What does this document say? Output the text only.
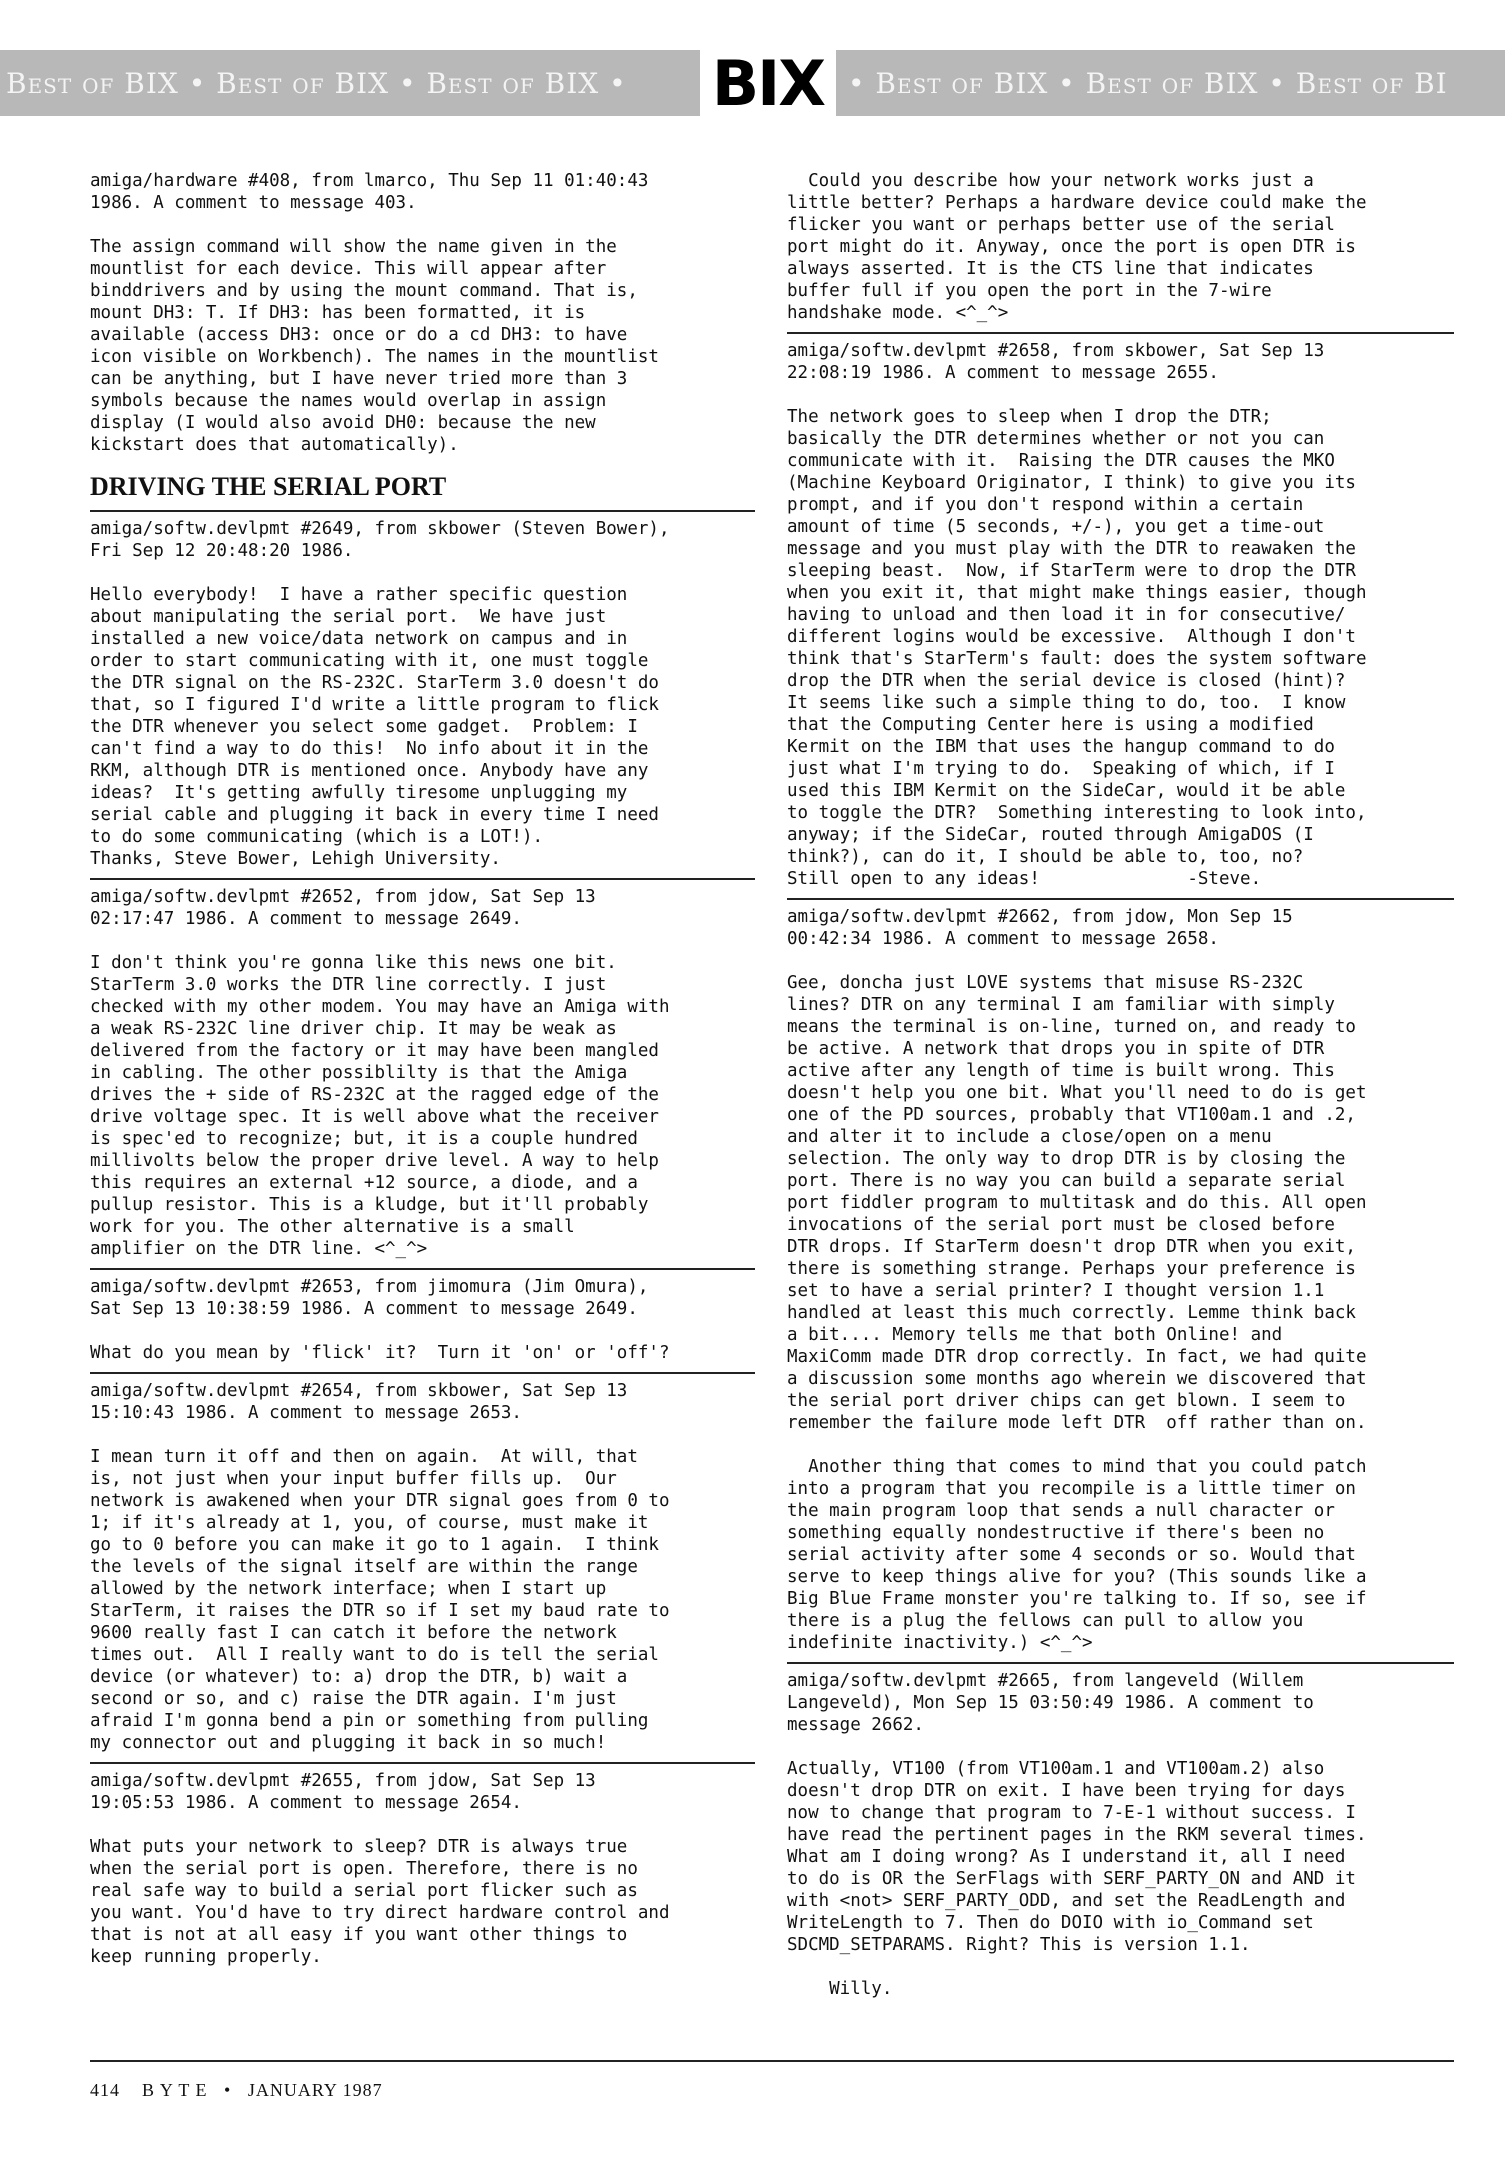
Best of BIX • Best of BIX • Best of BIX • BIX • Best of BIX • Best of BIX • Best of BI
amiga/hardware #408, from lmarco, Thu Sep 11 01:40:43
1986. A comment to message 403.
The assign command will show the name given in the
mountlist for each device. This will appear after
binddrivers and by using the mount command. That is,
mount DH3: T. If DH3: has been formatted, it is
available (access DH3: once or do a cd DH3: to have
icon visible on Workbench). The names in the mountlist
can be anything, but I have never tried more than 3
symbols because the names would overlap in assign
display (I would also avoid DH0: because the new
kickstart does that automatically).
DRIVING THE SERIAL PORT
amiga/softw.devlpmt #2649, from skbower (Steven Bower),
Fri Sep 12 20:48:20 1986.
Hello everybody!  I have a rather specific question
about manipulating the serial port.  We have just
installed a new voice/data network on campus and in
order to start communicating with it, one must toggle
the DTR signal on the RS-232C. StarTerm 3.0 doesn't do
that, so I figured I'd write a little program to flick
the DTR whenever you select some gadget.  Problem: I
can't find a way to do this!  No info about it in the
RKM, although DTR is mentioned once. Anybody have any
ideas?  It's getting awfully tiresome unplugging my
serial cable and plugging it back in every time I need
to do some communicating (which is a LOT!).
Thanks, Steve Bower, Lehigh University.
amiga/softw.devlpmt #2652, from jdow, Sat Sep 13
02:17:47 1986. A comment to message 2649.
I don't think you're gonna like this news one bit.
StarTerm 3.0 works the DTR line correctly. I just
checked with my other modem. You may have an Amiga with
a weak RS-232C line driver chip. It may be weak as
delivered from the factory or it may have been mangled
in cabling. The other possiblilty is that the Amiga
drives the + side of RS-232C at the ragged edge of the
drive voltage spec. It is well above what the receiver
is spec'ed to recognize; but, it is a couple hundred
millivolts below the proper drive level. A way to help
this requires an external +12 source, a diode, and a
pullup resistor. This is a kludge, but it'll probably
work for you. The other alternative is a small
amplifier on the DTR line. <^_^>
amiga/softw.devlpmt #2653, from jimomura (Jim Omura),
Sat Sep 13 10:38:59 1986. A comment to message 2649.
What do you mean by 'flick' it?  Turn it 'on' or 'off'?
amiga/softw.devlpmt #2654, from skbower, Sat Sep 13
15:10:43 1986. A comment to message 2653.
I mean turn it off and then on again.  At will, that
is, not just when your input buffer fills up.  Our
network is awakened when your DTR signal goes from 0 to
1; if it's already at 1, you, of course, must make it
go to 0 before you can make it go to 1 again.  I think
the levels of the signal itself are within the range
allowed by the network interface; when I start up
StarTerm, it raises the DTR so if I set my baud rate to
9600 really fast I can catch it before the network
times out.  All I really want to do is tell the serial
device (or whatever) to: a) drop the DTR, b) wait a
second or so, and c) raise the DTR again. I'm just
afraid I'm gonna bend a pin or something from pulling
my connector out and plugging it back in so much!
amiga/softw.devlpmt #2655, from jdow, Sat Sep 13
19:05:53 1986. A comment to message 2654.
What puts your network to sleep? DTR is always true
when the serial port is open. Therefore, there is no
real safe way to build a serial port flicker such as
you want. You'd have to try direct hardware control and
that is not at all easy if you want other things to
keep running properly.
Could you describe how your network works just a
little better? Perhaps a hardware device could make the
flicker you want or perhaps better use of the serial
port might do it. Anyway, once the port is open DTR is
always asserted. It is the CTS line that indicates
buffer full if you open the port in the 7-wire
handshake mode. <^_^>
amiga/softw.devlpmt #2658, from skbower, Sat Sep 13
22:08:19 1986. A comment to message 2655.
The network goes to sleep when I drop the DTR;
basically the DTR determines whether or not you can
communicate with it.  Raising the DTR causes the MKO
(Machine Keyboard Originator, I think) to give you its
prompt, and if you don't respond within a certain
amount of time (5 seconds, +/-), you get a time-out
message and you must play with the DTR to reawaken the
sleeping beast.  Now, if StarTerm were to drop the DTR
when you exit it, that might make things easier, though
having to unload and then load it in for consecutive/
different logins would be excessive.  Although I don't
think that's StarTerm's fault: does the system software
drop the DTR when the serial device is closed (hint)?
It seems like such a simple thing to do, too.  I know
that the Computing Center here is using a modified
Kermit on the IBM that uses the hangup command to do
just what I'm trying to do.  Speaking of which, if I
used this IBM Kermit on the SideCar, would it be able
to toggle the DTR?  Something interesting to look into,
anyway; if the SideCar, routed through AmigaDOS (I
think?), can do it, I should be able to, too, no?
Still open to any ideas!              -Steve.
amiga/softw.devlpmt #2662, from jdow, Mon Sep 15
00:42:34 1986. A comment to message 2658.
Gee, doncha just LOVE systems that misuse RS-232C
lines? DTR on any terminal I am familiar with simply
means the terminal is on-line, turned on, and ready to
be active. A network that drops you in spite of DTR
active after any length of time is built wrong. This
doesn't help you one bit. What you'll need to do is get
one of the PD sources, probably that VT100am.1 and .2,
and alter it to include a close/open on a menu
selection. The only way to drop DTR is by closing the
port. There is no way you can build a separate serial
port fiddler program to multitask and do this. All open
invocations of the serial port must be closed before
DTR drops. If StarTerm doesn't drop DTR when you exit,
there is something strange. Perhaps your preference is
set to have a serial printer? I thought version 1.1
handled at least this much correctly. Lemme think back
a bit.... Memory tells me that both Online! and
MaxiComm made DTR drop correctly. In fact, we had quite
a discussion some months ago wherein we discovered that
the serial port driver chips can get blown. I seem to
remember the failure mode left DTR  off rather than on.
Another thing that comes to mind that you could patch
into a program that you recompile is a little timer on
the main program loop that sends a null character or
something equally nondestructive if there's been no
serial activity after some 4 seconds or so. Would that
serve to keep things alive for you? (This sounds like a
Big Blue Frame monster you're talking to. If so, see if
there is a plug the fellows can pull to allow you
indefinite inactivity.) <^_^>
amiga/softw.devlpmt #2665, from langeveld (Willem
Langeveld), Mon Sep 15 03:50:49 1986. A comment to
message 2662.
Actually, VT100 (from VT100am.1 and VT100am.2) also
doesn't drop DTR on exit. I have been trying for days
now to change that program to 7-E-1 without success. I
have read the pertinent pages in the RKM several times.
What am I doing wrong? As I understand it, all I need
to do is OR the SerFlags with SERF_PARTY_ON and AND it
with <not> SERF_PARTY_ODD, and set the ReadLength and
WriteLength to 7. Then do DOIO with io_Command set
SDCMD_SETPARAMS. Right? This is version 1.1.
Willy.
414 B Y T E • JANUARY 1987
